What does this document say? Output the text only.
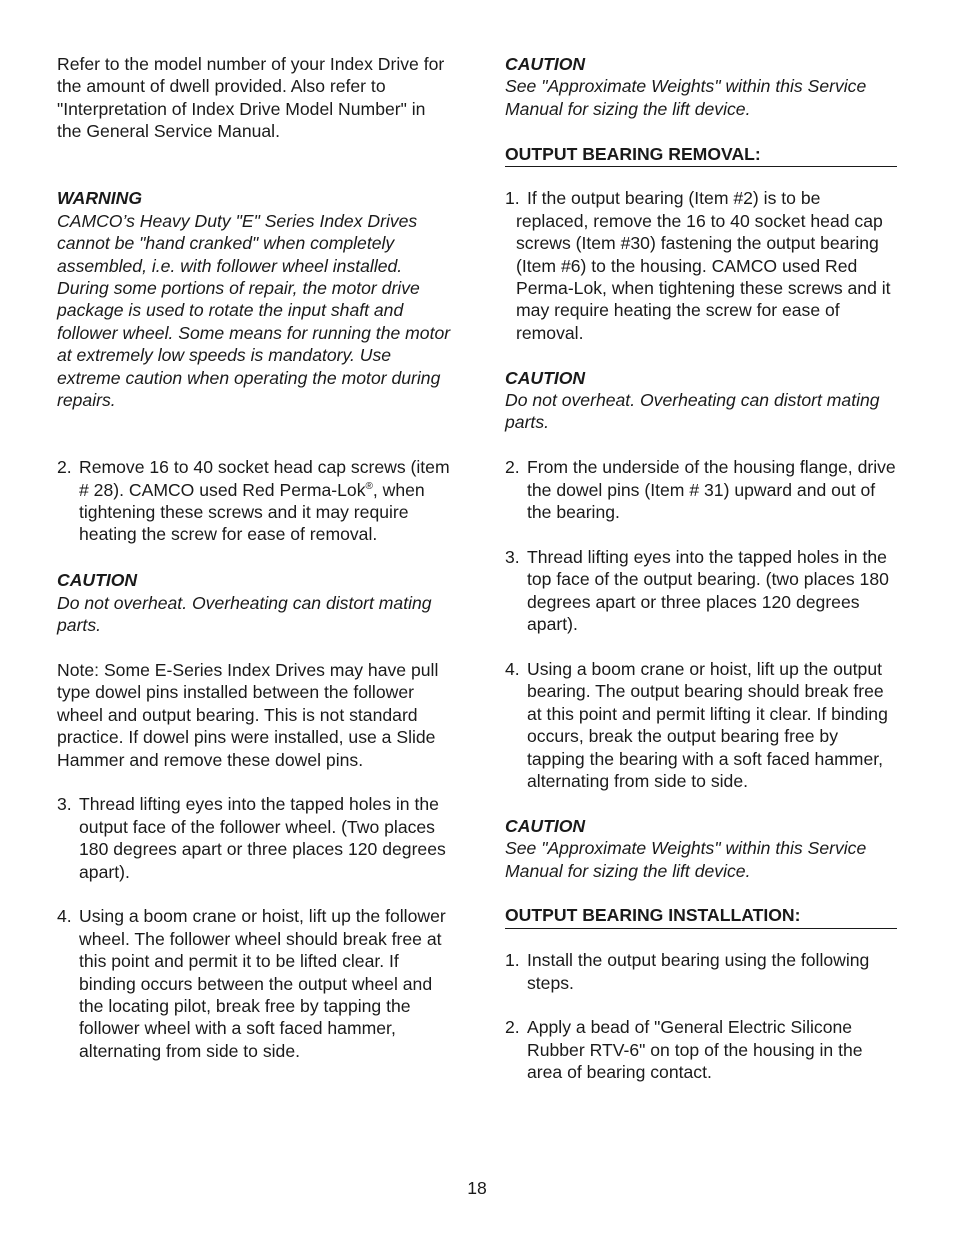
Refer to the model number of your Index Drive for the amount of dwell provided. Also refer to "Interpretation of Index Drive Model Number" in the General Service Manual.

WARNING

CAMCO’s Heavy Duty "E" Series Index Drives cannot be "hand cranked" when completely assembled, i.e. with follower wheel installed. During some portions of repair, the motor drive package is used to rotate the input shaft and follower wheel. Some means for running the motor at extremely low speeds is mandatory. Use extreme caution when operating the motor during repairs.

2. Remove 16 to 40 socket head cap screws (item # 28). CAMCO used Red Perma-Lok®, when tightening these screws and it may require heating the screw for ease of removal.

CAUTION

Do not overheat. Overheating can distort mating parts.

Note: Some E-Series Index Drives may have pull type dowel pins installed between the follower wheel and output bearing. This is not standard practice. If dowel pins were installed, use a Slide Hammer and remove these dowel pins.

3. Thread lifting eyes into the tapped holes in the output face of the follower wheel. (Two places 180 degrees apart or three places 120 degrees apart).

4. Using a boom crane or hoist, lift up the follower wheel. The follower wheel should break free at this point and permit it to be lifted clear. If binding occurs between the output wheel and the locating pilot, break free by tapping the follower wheel with a soft faced hammer, alternating from side to side.

CAUTION

See "Approximate Weights" within this Service Manual for sizing the lift device.

OUTPUT BEARING REMOVAL:

1. If the output bearing (Item #2) is to be replaced, remove the 16 to 40 socket head cap screws (Item #30) fastening the output bearing (Item #6) to the housing. CAMCO used Red Perma-Lok, when tightening these screws and it may require heating the screw for ease of removal.

CAUTION

Do not overheat. Overheating can distort mating parts.

2. From the underside of the housing flange, drive the dowel pins (Item # 31) upward and out of the bearing.

3. Thread lifting eyes into the tapped holes in the top face of the output bearing. (two places 180 degrees apart or three places 120 degrees apart).

4. Using a boom crane or hoist, lift up the output bearing. The output bearing should break free at this point and permit lifting it clear. If binding occurs, break the output bearing free by tapping the bearing with a soft faced hammer, alternating from side to side.

CAUTION

See "Approximate Weights" within this Service Manual for sizing the lift device.

OUTPUT BEARING INSTALLATION:

1. Install the output bearing using the following steps.

2. Apply a bead of "General Electric Silicone Rubber RTV-6" on top of the housing in the area of bearing contact.

18
